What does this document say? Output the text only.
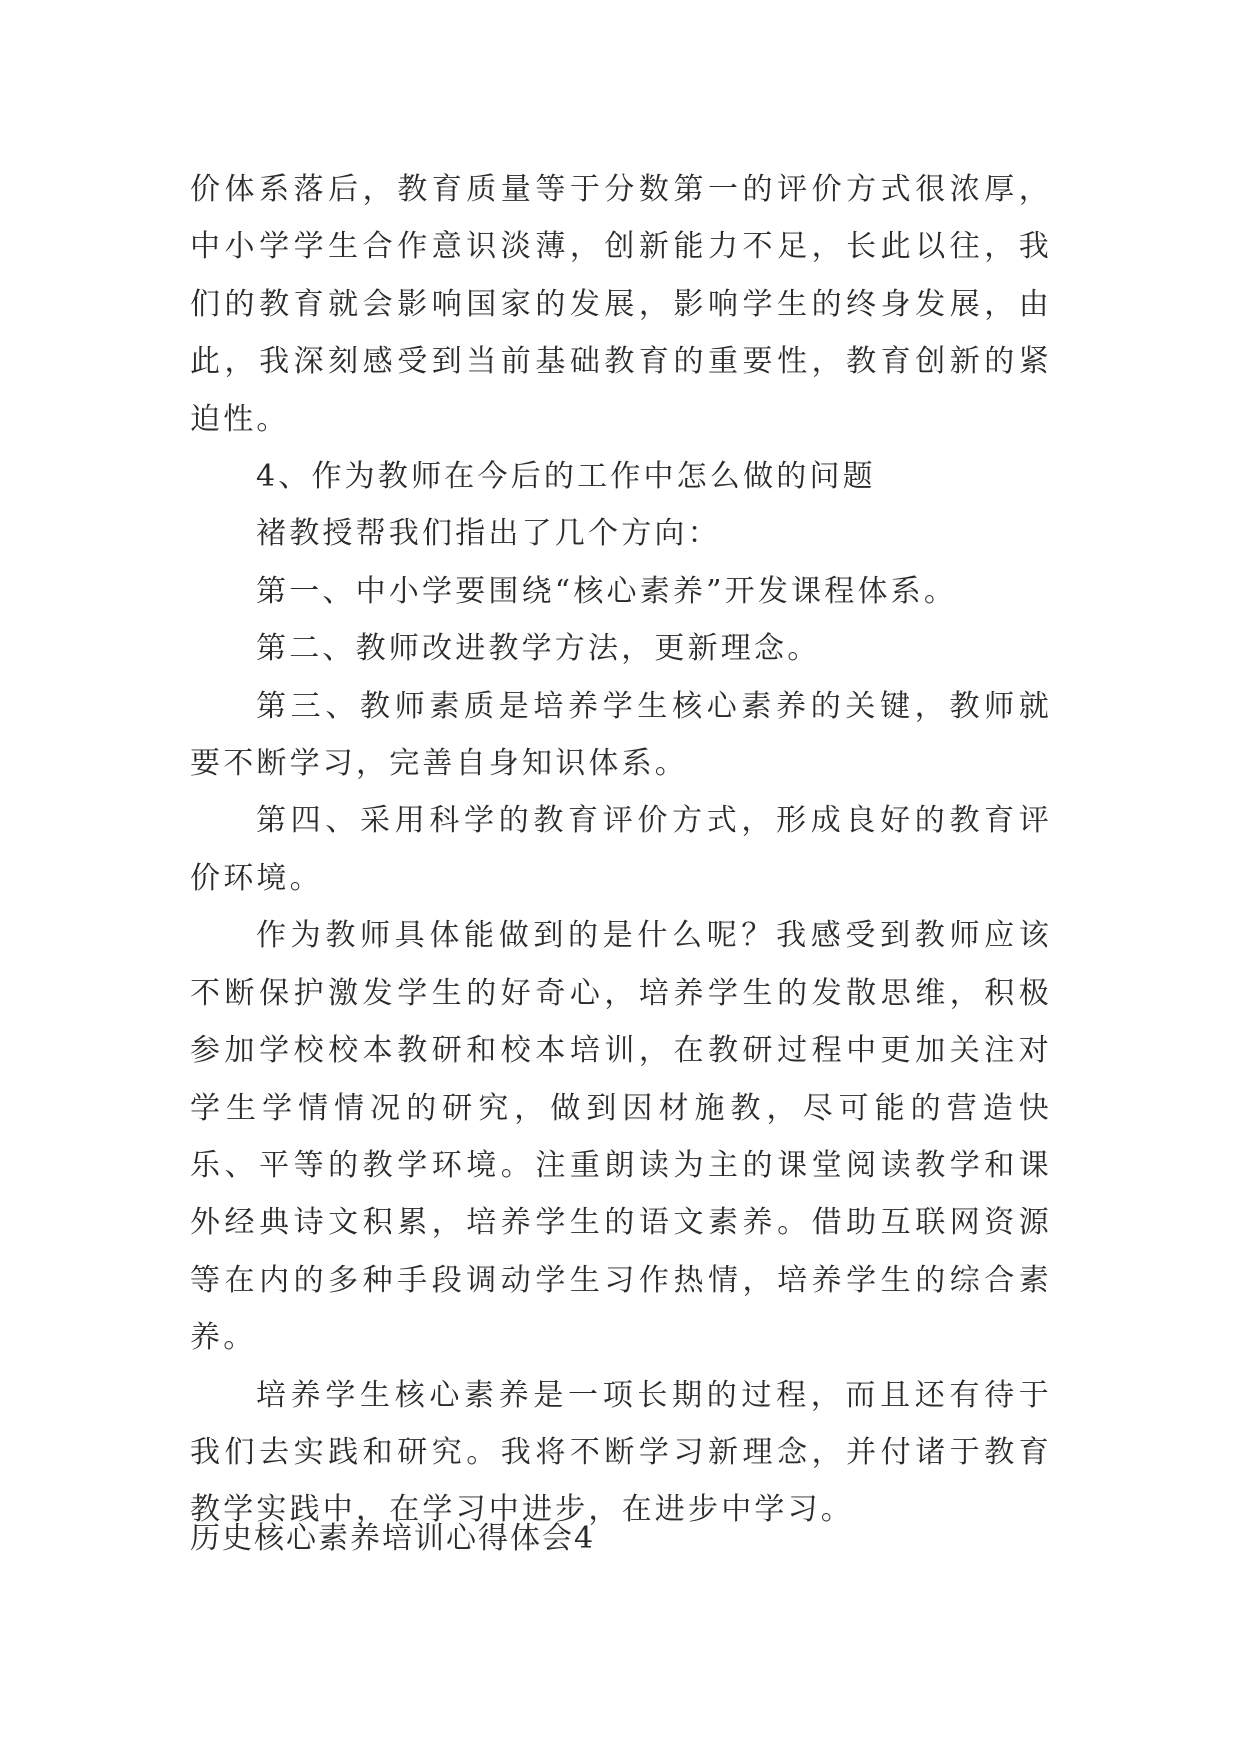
价体系落后，教育质量等于分数第一的评价方式很浓厚，中小学学生合作意识淡薄，创新能力不足，长此以往，我们的教育就会影响国家的发展，影响学生的终身发展，由此，我深刻感受到当前基础教育的重要性，教育创新的紧迫性。

4、作为教师在今后的工作中怎么做的问题

褚教授帮我们指出了几个方向：

第一、中小学要围绕“核心素养”开发课程体系。

第二、教师改进教学方法，更新理念。

第三、教师素质是培养学生核心素养的关键，教师就要不断学习，完善自身知识体系。

第四、采用科学的教育评价方式，形成良好的教育评价环境。

作为教师具体能做到的是什么呢？我感受到教师应该不断保护激发学生的好奇心，培养学生的发散思维，积极参加学校校本教研和校本培训，在教研过程中更加关注对学生学情情况的研究，做到因材施教，尽可能的营造快乐、平等的教学环境。注重朗读为主的课堂阅读教学和课外经典诗文积累，培养学生的语文素养。借助互联网资源等在内的多种手段调动学生习作热情，培养学生的综合素养。

培养学生核心素养是一项长期的过程，而且还有待于我们去实践和研究。我将不断学习新理念，并付诸于教育教学实践中，在学习中进步，在进步中学习。

历史核心素养培训心得体会4
